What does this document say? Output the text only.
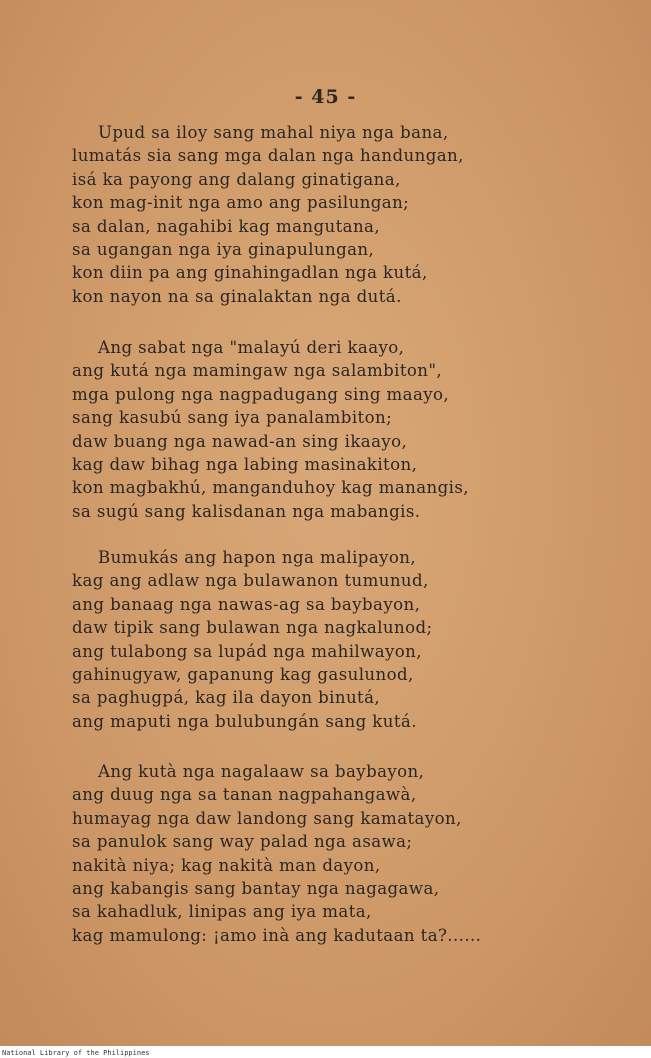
- 45 -
Upud sa iloy sang mahal niya nga bana,
lumatás sia sang mga dalan nga handungan,
isá ka payong ang dalang ginatigana,
kon mag-init nga amo ang pasilungan;
sa dalan, nagahibi kag mangutana,
sa ugangan nga iya ginapulungan,
kon diin pa ang ginahingadlan nga kutá,
kon nayon na sa ginalaktan nga dutá.
Ang sabat nga "malayú deri kaayo,
ang kutá nga maminga​w nga salambiton",
mga pulong nga nagpadugang sing maayo,
sang kasubú sang iya panalambiton;
daw buang nga nawad-an sing ikaayo,
kag daw bihag nga labing masinakiton,
kon magbakhú, manganduhoy kag manangis,
sa sugú sang kalisdanan nga mabangis.
Bumukás ang hapon nga malipayon,
kag ang adlaw nga bulawanon tumunud,
ang banaag nga nawas-ag sa baybayon,
daw tipik sang bulawan nga nagkalunod;
ang tulabong sa lupád nga mahilwayon,
gahinugyaw, gapanung kag gasulunod,
sa paghugpá, kag ila dayon binutá,
ang maputi nga bulubungán sang kutá.
Ang kutà nga nagalaaw sa baybayon,
ang duug nga sa tanan nagpahangawà,
humayag nga daw landong sang kamatayon,
sa panulok sang way palad nga asawa;
nakità niya; kag nakità man dayon,
ang kabangis sang bantay nga nagagawa,
sa kahadluk, linipas ang iya mata,
kag mamulong: ¡amo inà ang kadutaan ta?......
National Library of the Philippines
